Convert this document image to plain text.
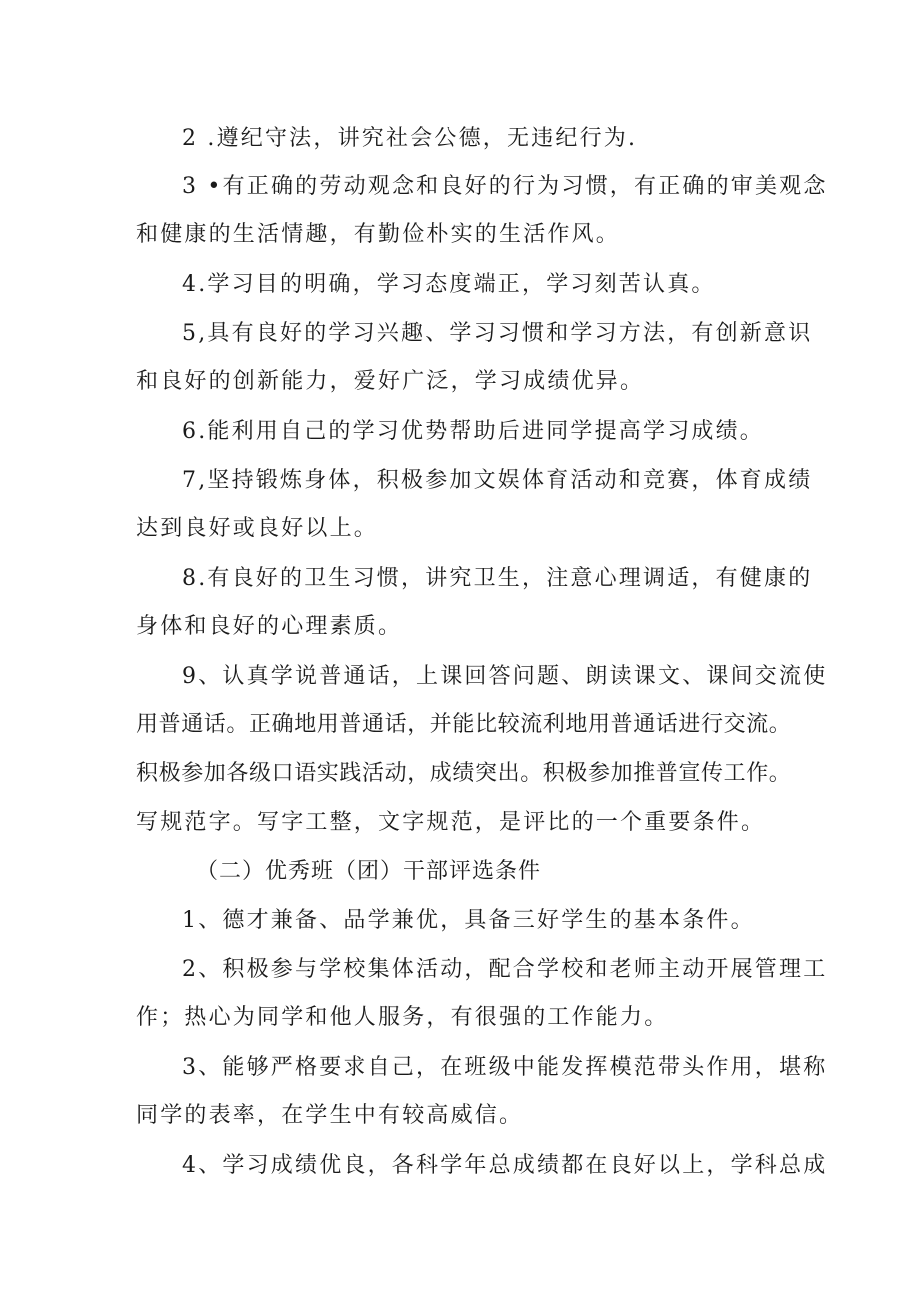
2 .遵纪守法，讲究社会公德，无违纪行为.
3 •有正确的劳动观念和良好的行为习惯，有正确的审美观念
和健康的生活情趣，有勤俭朴实的生活作风。
4.学习目的明确，学习态度端正，学习刻苦认真。
5,具有良好的学习兴趣、学习习惯和学习方法，有创新意识
和良好的创新能力，爱好广泛，学习成绩优异。
6.能利用自己的学习优势帮助后进同学提高学习成绩。
7,坚持锻炼身体，积极参加文娱体育活动和竞赛，体育成绩
达到良好或良好以上。
8.有良好的卫生习惯，讲究卫生，注意心理调适，有健康的
身体和良好的心理素质。
9、认真学说普通话，上课回答问题、朗读课文、课间交流使
用普通话。正确地用普通话，并能比较流利地用普通话进行交流。
积极参加各级口语实践活动，成绩突出。积极参加推普宣传工作。
写规范字。写字工整，文字规范，是评比的一个重要条件。
（二）优秀班（团）干部评选条件
1、德才兼备、品学兼优，具备三好学生的基本条件。
2、积极参与学校集体活动，配合学校和老师主动开展管理工
作；热心为同学和他人服务，有很强的工作能力。
3、能够严格要求自己，在班级中能发挥模范带头作用，堪称
同学的表率，在学生中有较高威信。
4、学习成绩优良，各科学年总成绩都在良好以上，学科总成
